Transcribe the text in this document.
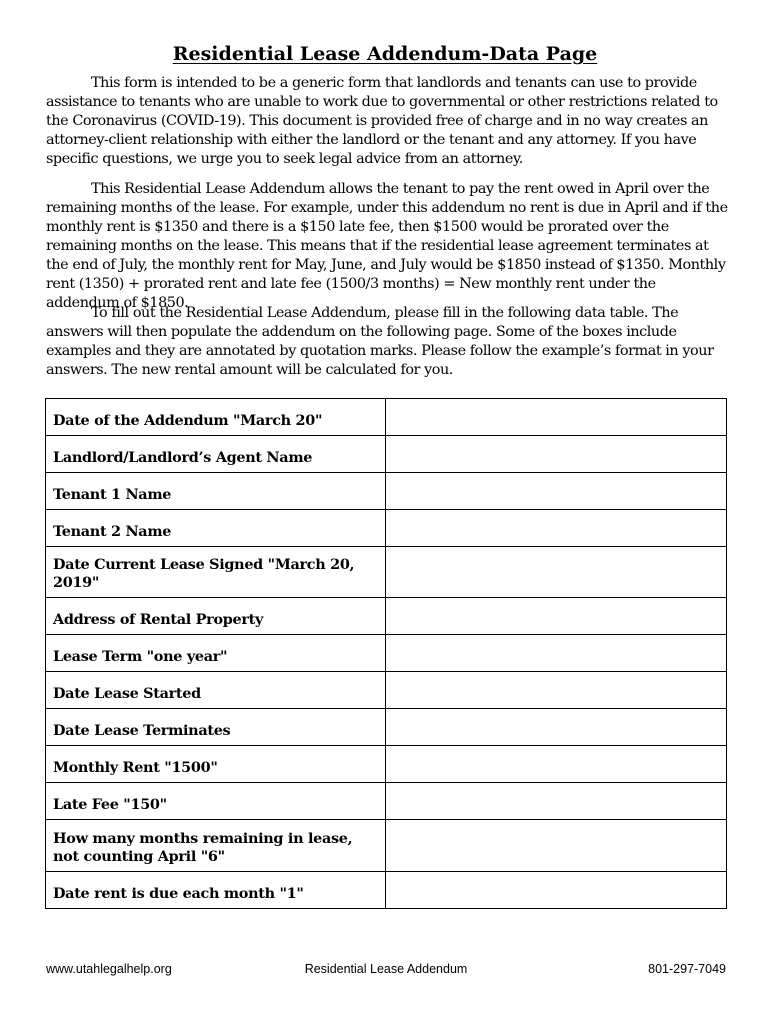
Residential Lease Addendum-Data Page

This form is intended to be a generic form that landlords and tenants can use to provide assistance to tenants who are unable to work due to governmental or other restrictions related to the Coronavirus (COVID-19). This document is provided free of charge and in no way creates an attorney-client relationship with either the landlord or the tenant and any attorney. If you have specific questions, we urge you to seek legal advice from an attorney.

This Residential Lease Addendum allows the tenant to pay the rent owed in April over the remaining months of the lease. For example, under this addendum no rent is due in April and if the monthly rent is $1350 and there is a $150 late fee, then $1500 would be prorated over the remaining months on the lease. This means that if the residential lease agreement terminates at the end of July, the monthly rent for May, June, and July would be $1850 instead of $1350. Monthly rent (1350) + prorated rent and late fee (1500/3 months) = New monthly rent under the addendum of $1850.

To fill out the Residential Lease Addendum, please fill in the following data table. The answers will then populate the addendum on the following page. Some of the boxes include examples and they are annotated by quotation marks. Please follow the example’s format in your answers. The new rental amount will be calculated for you.

Date of the Addendum "March 20"

Landlord/Landlord’s Agent Name

Tenant 1 Name

Tenant 2 Name

Date Current Lease Signed "March 20, 2019"

Address of Rental Property

Lease Term "one year"

Date Lease Started

Date Lease Terminates

Monthly Rent "1500"

Late Fee "150"

How many months remaining in lease, not counting April "6"

Date rent is due each month "1"

www.utahlegalhelp.org	Residential Lease Addendum	801-297-7049
